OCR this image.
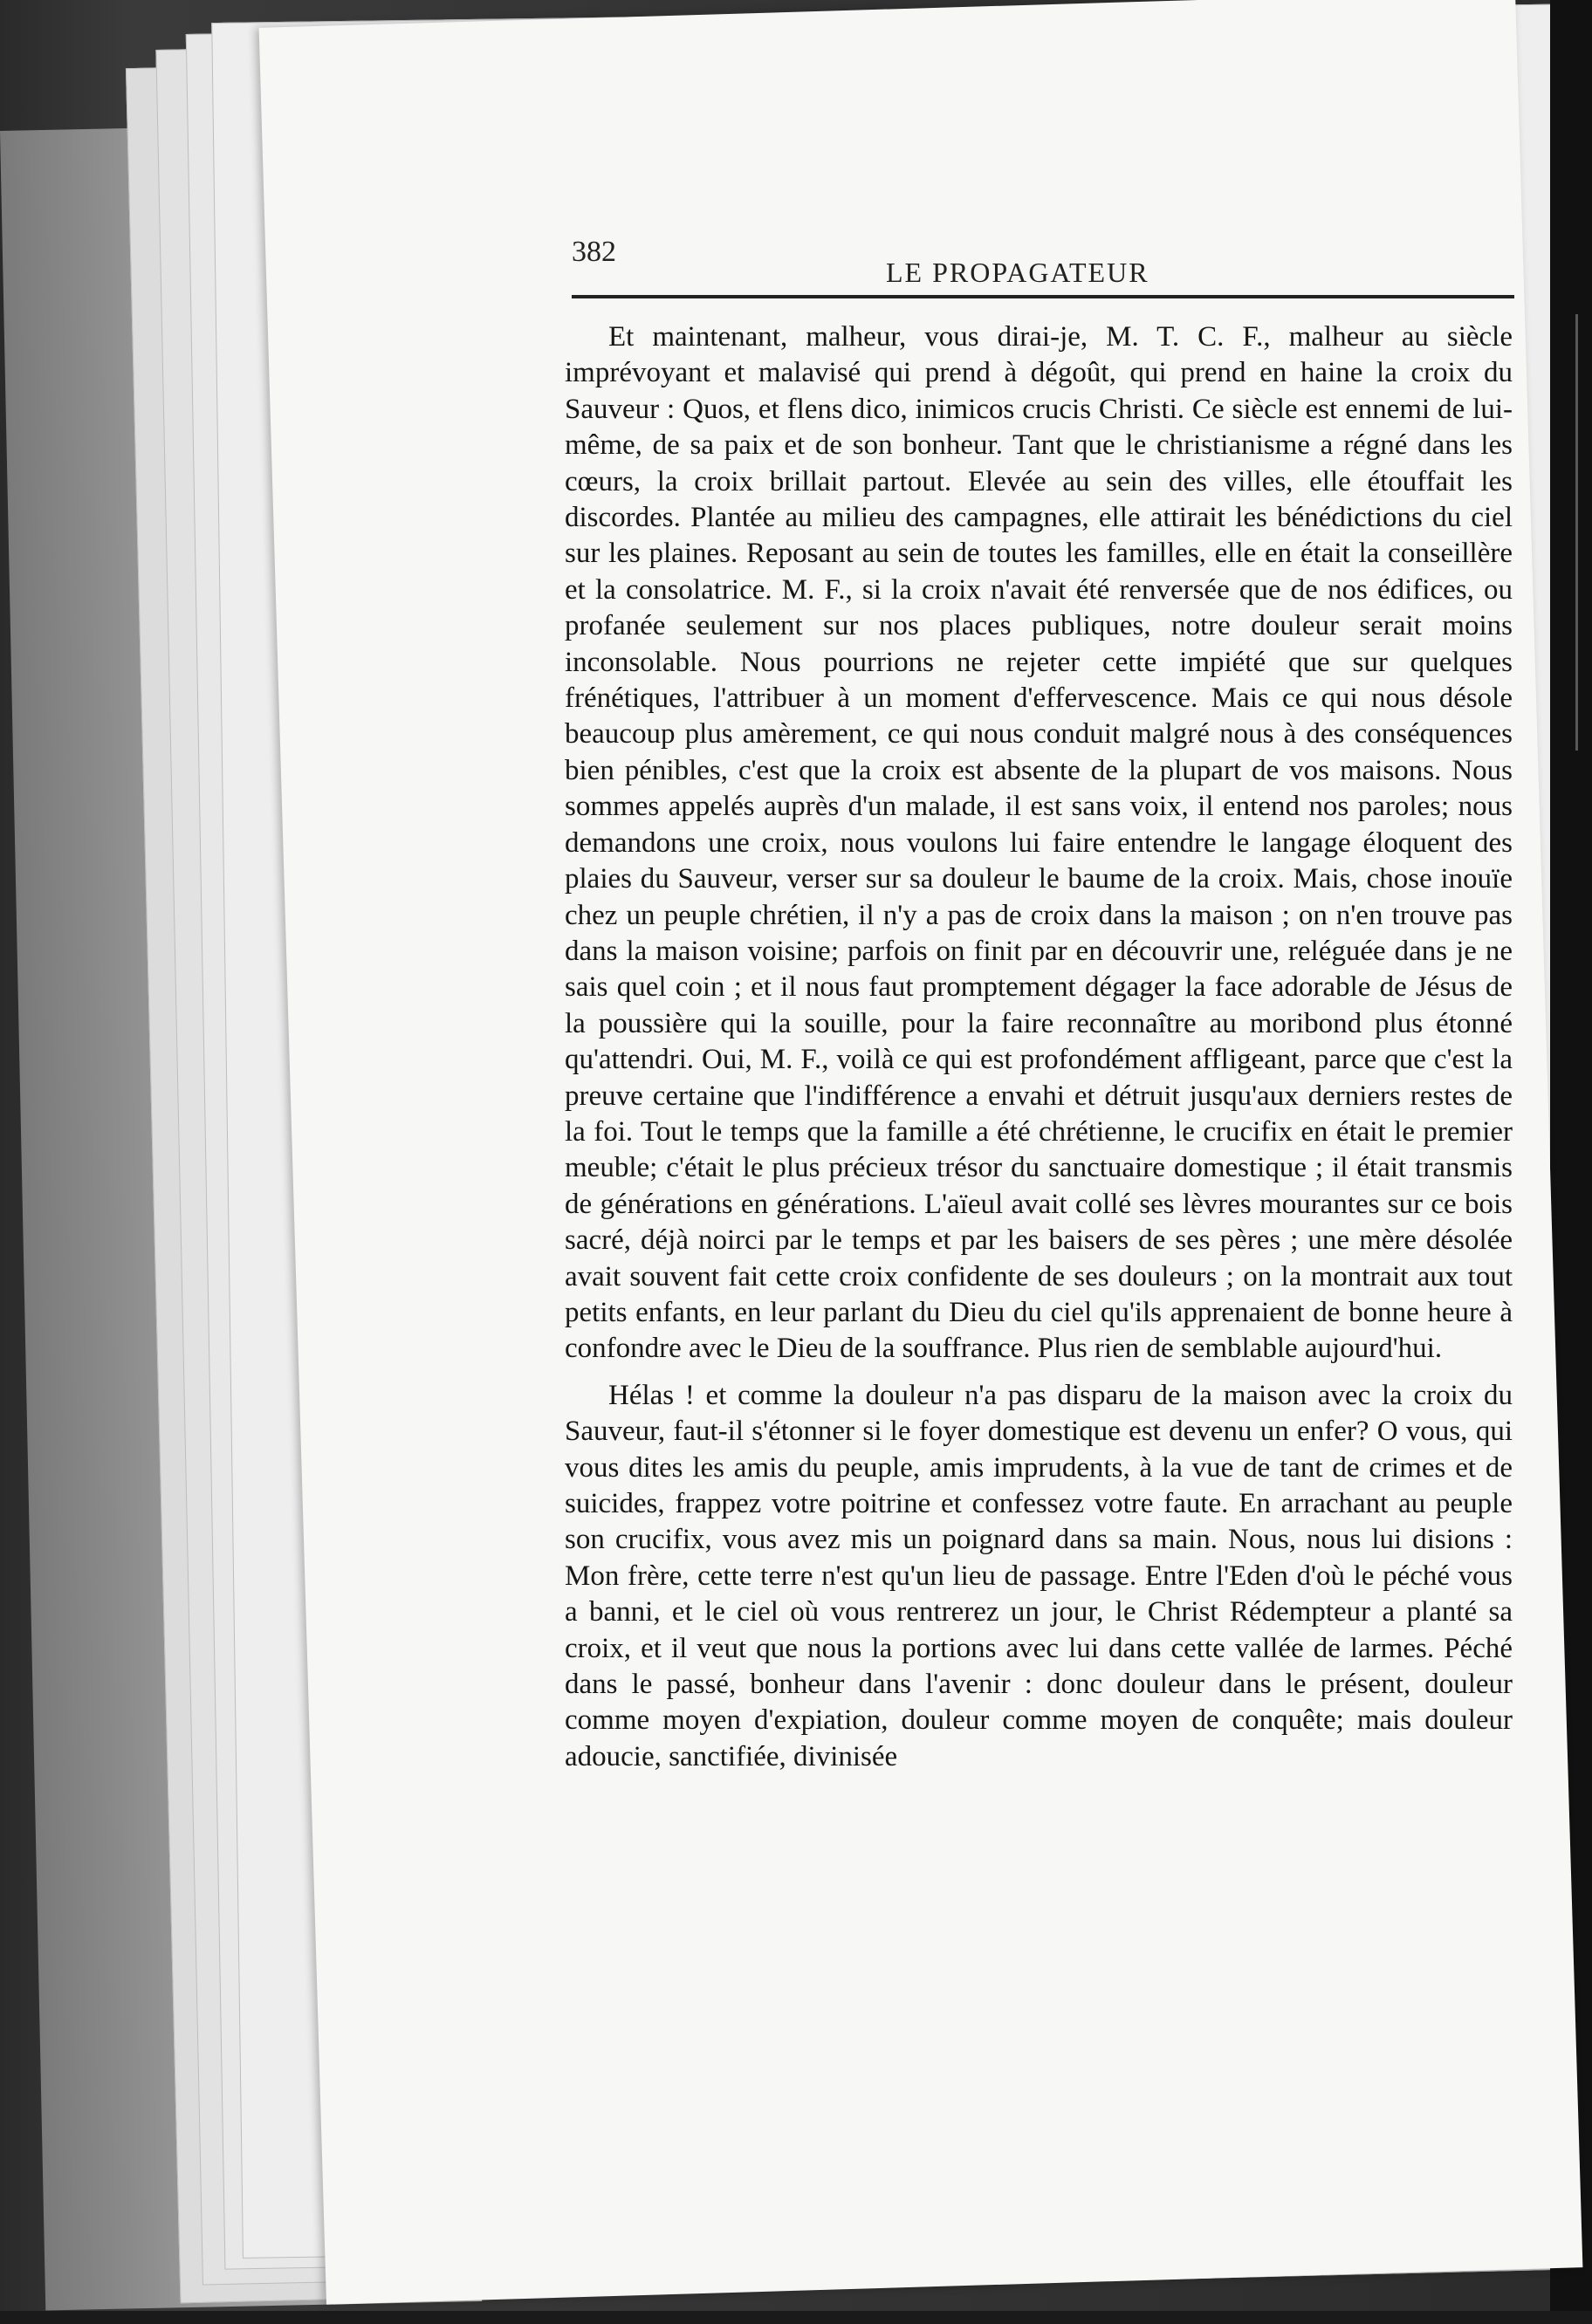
382
LE PROPAGATEUR

Et maintenant, malheur, vous dirai-je, M. T. C. F., malheur au siècle imprévoyant et malavisé qui prend à dégoût, qui prend en haine la croix du Sauveur : Quos, et flens dico, inimicos crucis Christi. Ce siècle est ennemi de lui-même, de sa paix et de son bonheur. Tant que le christianisme a régné dans les cœurs, la croix brillait partout. Elevée au sein des villes, elle étouffait les discordes. Plantée au milieu des campagnes, elle attirait les bénédictions du ciel sur les plaines. Reposant au sein de toutes les familles, elle en était la conseillère et la consolatrice. M. F., si la croix n'avait été renversée que de nos édifices, ou profanée seulement sur nos places publiques, notre douleur serait moins inconsolable. Nous pourrions ne rejeter cette impiété que sur quelques frénétiques, l'attribuer à un moment d'effervescence. Mais ce qui nous désole beaucoup plus amèrement, ce qui nous conduit malgré nous à des conséquences bien pénibles, c'est que la croix est absente de la plupart de vos maisons. Nous sommes appelés auprès d'un malade, il est sans voix, il entend nos paroles; nous demandons une croix, nous voulons lui faire entendre le langage éloquent des plaies du Sauveur, verser sur sa douleur le baume de la croix. Mais, chose inouïe chez un peuple chrétien, il n'y a pas de croix dans la maison ; on n'en trouve pas dans la maison voisine; parfois on finit par en découvrir une, reléguée dans je ne sais quel coin ; et il nous faut promptement dégager la face adorable de Jésus de la poussière qui la souille, pour la faire reconnaître au moribond plus étonné qu'attendri. Oui, M. F., voilà ce qui est profondément affligeant, parce que c'est la preuve certaine que l'indifférence a envahi et détruit jusqu'aux derniers restes de la foi. Tout le temps que la famille a été chrétienne, le crucifix en était le premier meuble; c'était le plus précieux trésor du sanctuaire domestique ; il était transmis de générations en générations. L'aïeul avait collé ses lèvres mourantes sur ce bois sacré, déjà noirci par le temps et par les baisers de ses pères ; une mère désolée avait souvent fait cette croix confidente de ses douleurs ; on la montrait aux tout petits enfants, en leur parlant du Dieu du ciel qu'ils apprenaient de bonne heure à confondre avec le Dieu de la souffrance. Plus rien de semblable aujourd'hui.

Hélas ! et comme la douleur n'a pas disparu de la maison avec la croix du Sauveur, faut-il s'étonner si le foyer domestique est devenu un enfer? O vous, qui vous dites les amis du peuple, amis imprudents, à la vue de tant de crimes et de suicides, frappez votre poitrine et confessez votre faute. En arrachant au peuple son crucifix, vous avez mis un poignard dans sa main. Nous, nous lui disions : Mon frère, cette terre n'est qu'un lieu de passage. Entre l'Eden d'où le péché vous a banni, et le ciel où vous rentrerez un jour, le Christ Rédempteur a planté sa croix, et il veut que nous la portions avec lui dans cette vallée de larmes. Péché dans le passé, bonheur dans l'avenir : donc douleur dans le présent, douleur comme moyen d'expiation, douleur comme moyen de conquête; mais douleur adoucie, sanctifiée, divinisée
